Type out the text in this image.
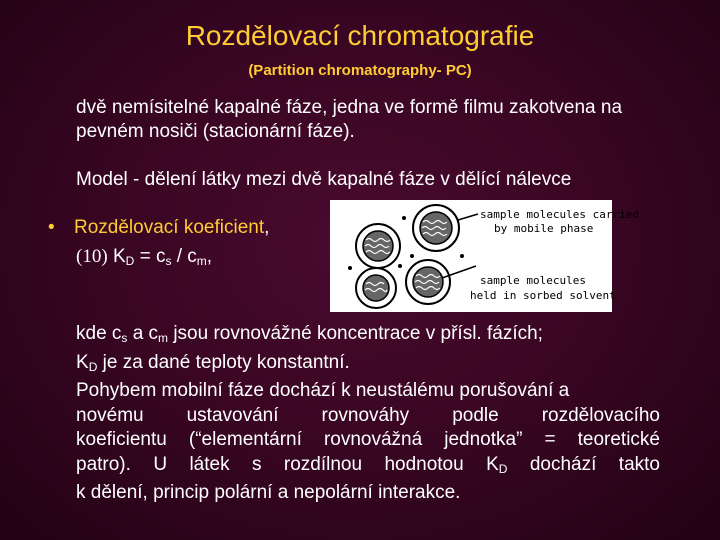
Rozdělovací chromatografie
(Partition chromatography- PC)
dvě nemísitelné kapalné fáze, jedna ve formě filmu zakotvena na pevném nosiči (stacionární fáze).
Model - dělení látky mezi dvě kapalné fáze v dělící nálevce
• Rozdělovací koeficient,
(10) $K_D = c_s / c_m$,
sample molecules carried
by mobile phase
sample molecules
held in sorbed solvent
kde $c_s$ a $c_m$ jsou rovnovážné koncentrace v přísl. fázích;
$K_D$ je za dané teploty konstantní.
Pohybem mobilní fáze dochází k neustálému porušování a
novému ustavování rovnováhy podle rozdělovacího
koeficientu (“elementární rovnovážná jednotka” = teoretické
patro). U látek s rozdílnou hodnotou $K_D$ dochází takto
k dělení, princip polární a nepolární interakce.
